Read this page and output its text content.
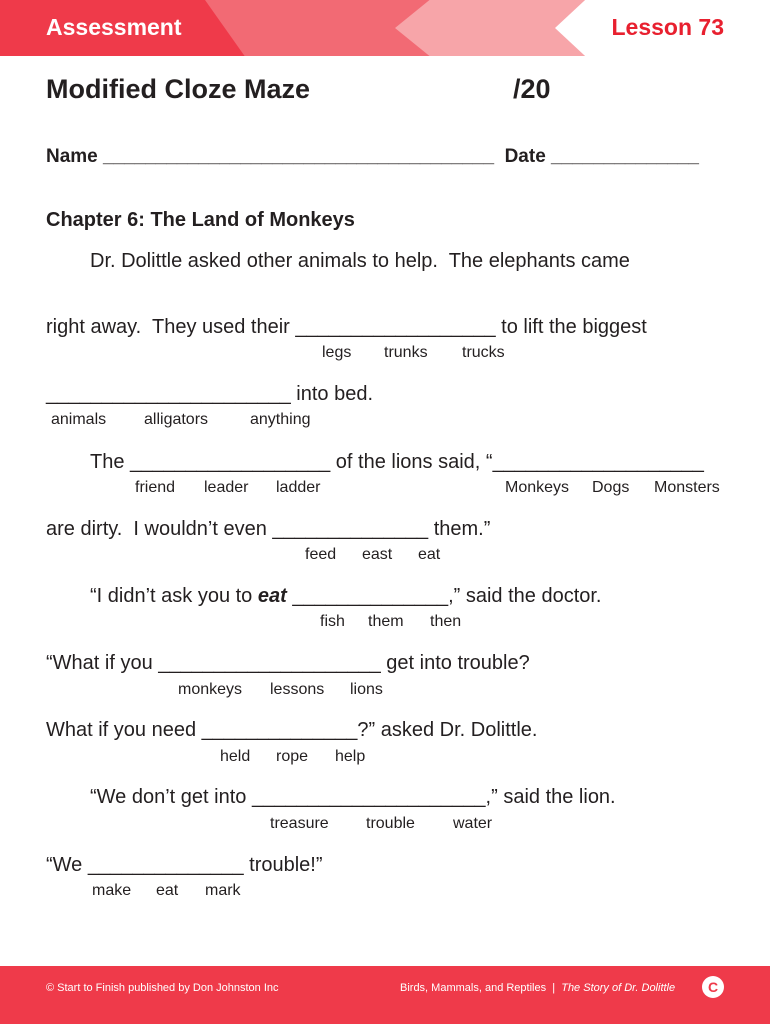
Assessment	Lesson 73
Modified Cloze Maze	/20
Name _____________________________________ Date ______________
Chapter 6: The Land of Monkeys
Dr. Dolittle asked other animals to help.  The elephants came
right away.  They used their __________________ to lift the biggest

legs

trunks

trucks

______________________ into bed.

animals

alligators

	anything

The __________________ of the lions said, “___________________

friend

leader

ladder

	Monkeys

Dogs

Monsters

are dirty.  I wouldn’t even ______________ them.”

feed

east

eat

“I didn’t ask you to eat ______________,” said the doctor.

fish

them

then

“What if you ____________________ get into trouble?

monkeys

lessons

lions

What if you need ______________?” asked Dr. Dolittle.

held

rope

help

“We don’t get into _____________________,” said the lion.

treasure

trouble

water

“We ______________ trouble!”

make

eat

mark

© Start to Finish published by Don Johnston Inc	Birds, Mammals, and Reptiles | The Story of Dr. Dolittle	C
